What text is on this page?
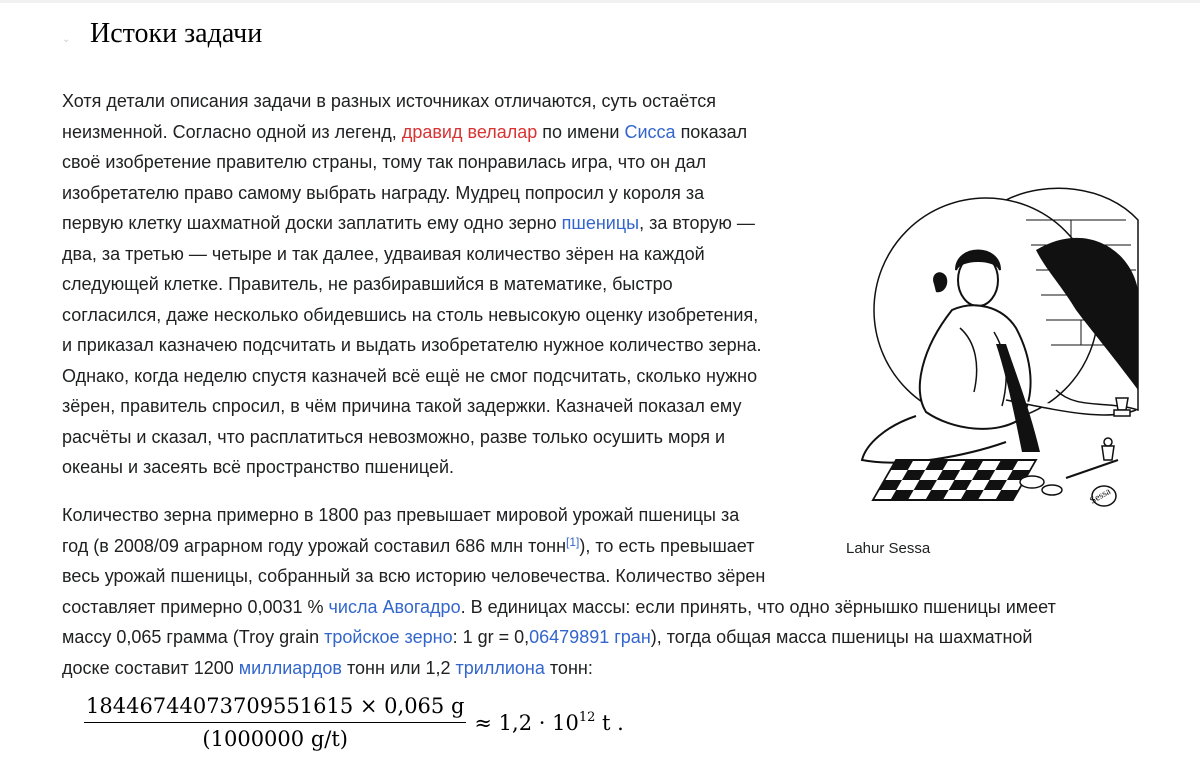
⌄ Истоки задачи

Хотя детали описания задачи в разных источниках отличаются, суть остаётся
неизменной. Согласно одной из легенд, дравид велалар по имени Сисса показал
своё изобретение правителю страны, тому так понравилась игра, что он дал
изобретателю право самому выбрать награду. Мудрец попросил у короля за
первую клетку шахматной доски заплатить ему одно зерно пшеницы, за вторую —
два, за третью — четыре и так далее, удваивая количество зёрен на каждой
следующей клетке. Правитель, не разбиравшийся в математике, быстро
согласился, даже несколько обидевшись на столь невысокую оценку изобретения,
и приказал казначею подсчитать и выдать изобретателю нужное количество зерна.
Однако, когда неделю спустя казначей всё ещё не смог подсчитать, сколько нужно
зёрен, правитель спросил, в чём причина такой задержки. Казначей показал ему
расчёты и сказал, что расплатиться невозможно, разве только осушить моря и
океаны и засеять всё пространство пшеницей.

Sessa
Lahur Sessa

Количество зерна примерно в 1800 раз превышает мировой урожай пшеницы за
год (в 2008/09 аграрном году урожай составил 686 млн тонн[1]), то есть превышает
весь урожай пшеницы, собранный за всю историю человечества. Количество зёрен
составляет примерно 0,0031 % числа Авогадро. В единицах массы: если принять, что одно зёрнышко пшеницы имеет
массу 0,065 грамма (Troy grain тройское зерно: 1 gr = 0,06479891 гран), тогда общая масса пшеницы на шахматной
доске составит 1200 миллиардов тонн или 1,2 триллиона тонн:

$\frac{18446744073709551615 \times 0,065 g}{(1000000 g/t)} \approx 1,2 \cdot 10^{12}$ t .
